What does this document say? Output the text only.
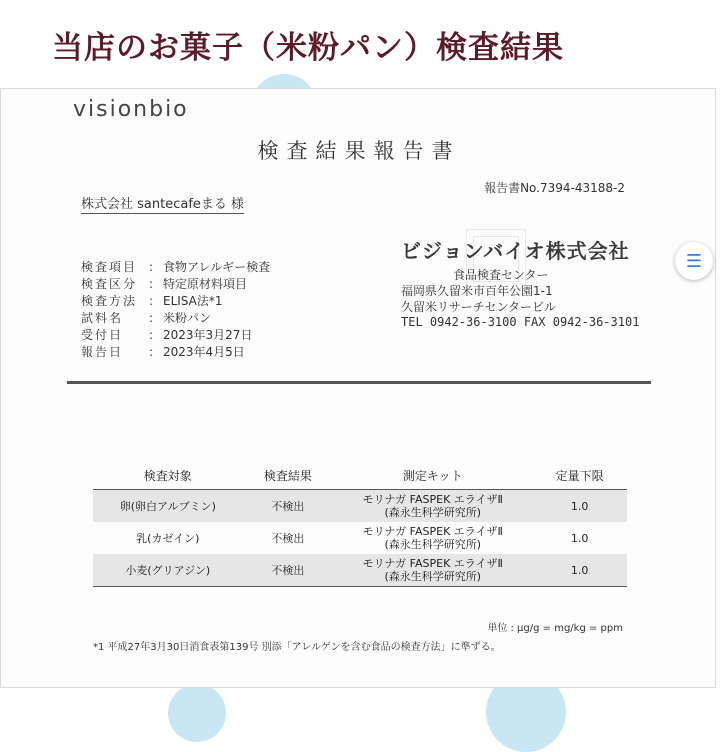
当店のお菓子（米粉パン）検査結果
visionbio
検査結果報告書
報告書No.7394-43188-2
株式会社 santecafeまる 様
検査項目 : 食物アレルギー検査
検査区分 : 特定原材料項目
検査方法 : ELISA法*1
試料名	: 米粉パン
受付日	: 2023年3月27日
報告日	: 2023年4月5日
ビジョンバイオ株式会社
食品検査センター
福岡県久留米市百年公園1-1
久留米リサーチセンタービル
TEL 0942-36-3100 FAX 0942-36-3101
検査対象	検査結果	測定キット	定量下限
卵(卵白アルブミン)	不検出	モリナガ FASPEK エライザⅡ
(森永生科学研究所)	1.0
乳(カゼイン)	不検出	モリナガ FASPEK エライザⅡ
(森永生科学研究所)	1.0
小麦(グリアジン)	不検出	モリナガ FASPEK エライザⅡ
(森永生科学研究所)	1.0
単位 : µg/g = mg/kg = ppm
*1 平成27年3月30日消食表第139号 別添「アレルゲンを含む食品の検査方法」に準ずる。
☰
